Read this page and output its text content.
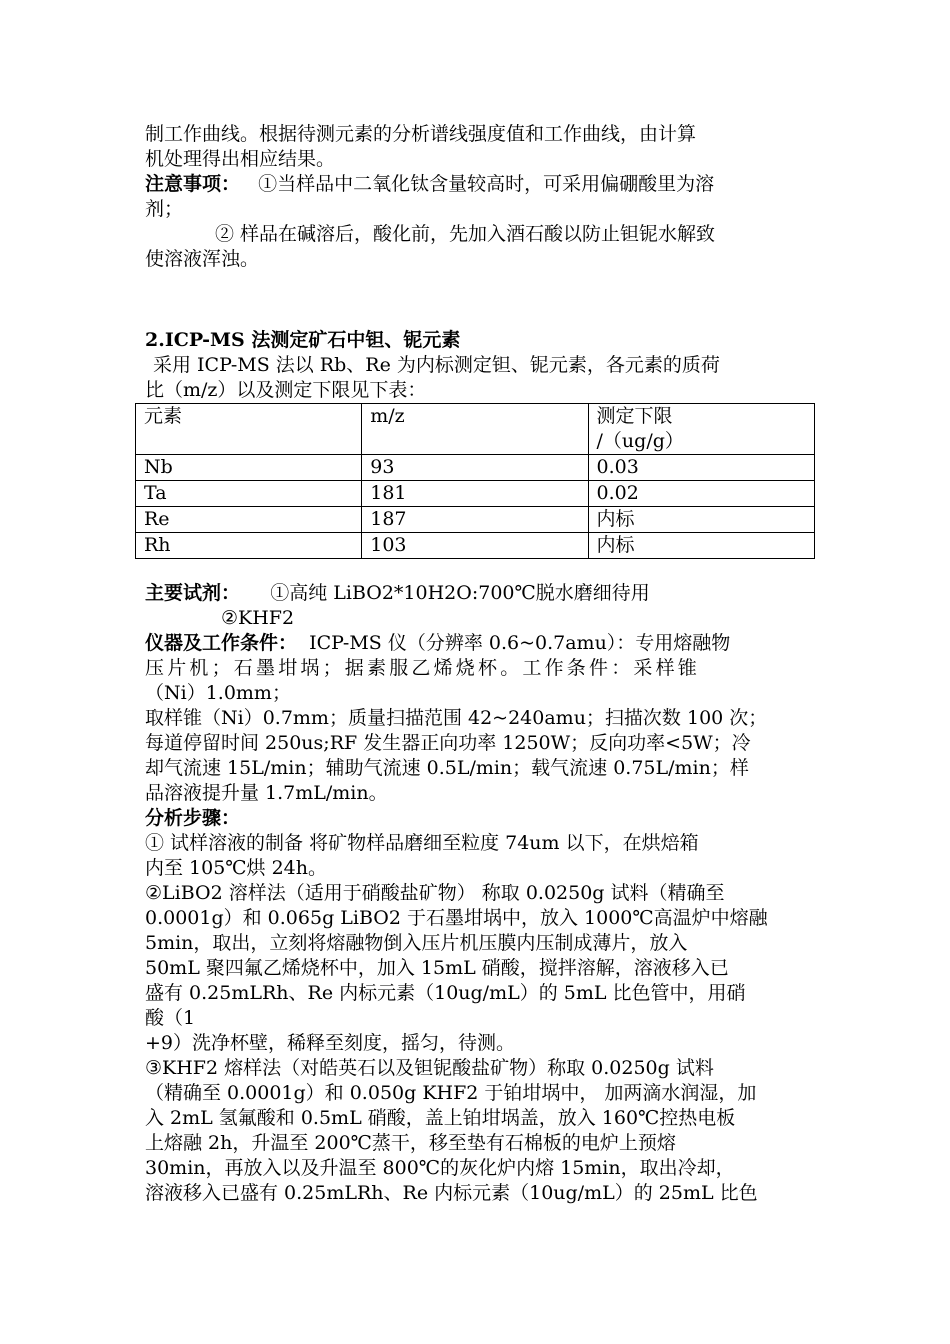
制工作曲线。根据待测元素的分析谱线强度值和工作曲线，由计算

机处理得出相应结果。

注意事项： ①当样品中二氧化钛含量较高时，可采用偏硼酸里为溶

剂；

② 样品在碱溶后，酸化前，先加入酒石酸以防止钽铌水解致

使溶液浑浊。

2.ICP-MS 法测定矿石中钽、铌元素

采用 ICP-MS 法以 Rb、Re 为内标测定钽、铌元素，各元素的质荷

比（m/z）以及测定下限见下表：

元素	m/z	测定下限
/（ug/g）
Nb	93	0.03
Ta	181	0.02
Re	187	内标
Rh	103	内标

主要试剂： ①高纯 LiBO2*10H2O:700℃脱水磨细待用

②KHF2

仪器及工作条件： ICP-MS 仪（分辨率 0.6~0.7amu）：专用熔融物

压片机；石墨坩埚；据素服乙烯烧杯。工作条件：采样锥

（Ni）1.0mm；

取样锥（Ni）0.7mm；质量扫描范围 42~240amu；扫描次数 100 次；

每道停留时间 250us;RF 发生器正向功率 1250W；反向功率<5W；冷

却气流速 15L/min；辅助气流速 0.5L/min；载气流速 0.75L/min；样

品溶液提升量 1.7mL/min。

分析步骤：

① 试样溶液的制备 将矿物样品磨细至粒度 74um 以下，在烘焙箱

内至 105℃烘 24h。

②LiBO2 溶样法（适用于硝酸盐矿物） 称取 0.0250g 试料（精确至

0.0001g）和 0.065g LiBO2 于石墨坩埚中，放入 1000℃高温炉中熔融

5min，取出，立刻将熔融物倒入压片机压膜内压制成薄片，放入

50mL 聚四氟乙烯烧杯中，加入 15mL 硝酸，搅拌溶解，溶液移入已

盛有 0.25mLRh、Re 内标元素（10ug/mL）的 5mL 比色管中，用硝

酸（1

+9）洗净杯壁，稀释至刻度，摇匀，待测。

③KHF2 熔样法（对皓英石以及钽铌酸盐矿物）称取 0.0250g 试料

（精确至 0.0001g）和 0.050g KHF2 于铂坩埚中， 加两滴水润湿，加

入 2mL 氢氟酸和 0.5mL 硝酸，盖上铂坩埚盖，放入 160℃控热电板

上熔融 2h，升温至 200℃蒸干，移至垫有石棉板的电炉上预熔

30min，再放入以及升温至 800℃的灰化炉内熔 15min，取出冷却，

溶液移入已盛有 0.25mLRh、Re 内标元素（10ug/mL）的 25mL 比色
